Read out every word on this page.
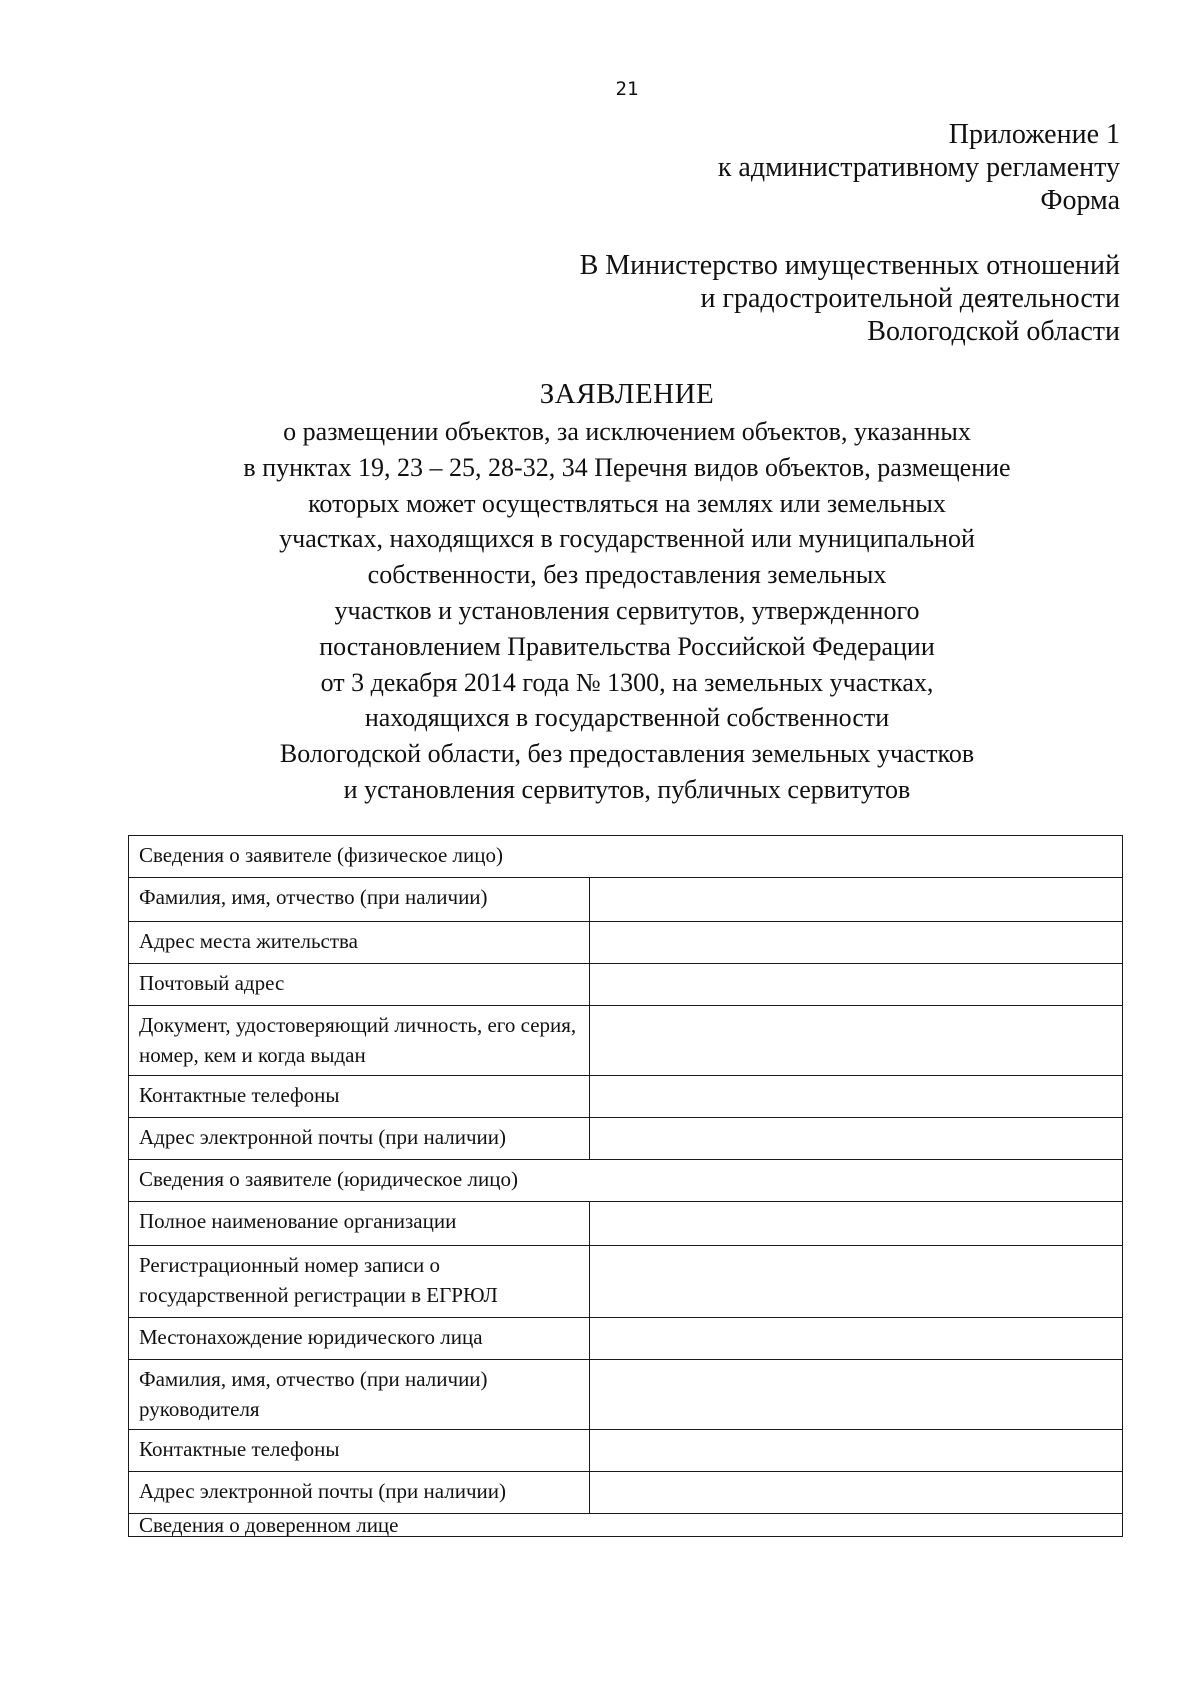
21
Приложение 1
к административному регламенту
Форма
В Министерство имущественных отношений
и градостроительной деятельности
Вологодской области
ЗАЯВЛЕНИЕ
о размещении объектов, за исключением объектов, указанных
в пунктах 19, 23 – 25, 28-32, 34 Перечня видов объектов, размещение
которых может осуществляться на землях или земельных
участках, находящихся в государственной или муниципальной
собственности, без предоставления земельных
участков и установления сервитутов, утвержденного
постановлением Правительства Российской Федерации
от 3 декабря 2014 года № 1300, на земельных участках,
находящихся в государственной собственности
Вологодской области, без предоставления земельных участков
и установления сервитутов, публичных сервитутов
Сведения о заявителе (физическое лицо)	
Фамилия, имя, отчество (при наличии)	
Адрес места жительства	
Почтовый адрес	
Документ, удостоверяющий личность, его серия, номер, кем и когда выдан	
Контактные телефоны	
Адрес электронной почты (при наличии)	
Сведения о заявителе (юридическое лицо)	
Полное наименование организации	
Регистрационный номер записи о государственной регистрации в ЕГРЮЛ	
Местонахождение юридического лица	
Фамилия, имя, отчество (при наличии) руководителя	
Контактные телефоны	
Адрес электронной почты (при наличии)	
Сведения о доверенном лице	
